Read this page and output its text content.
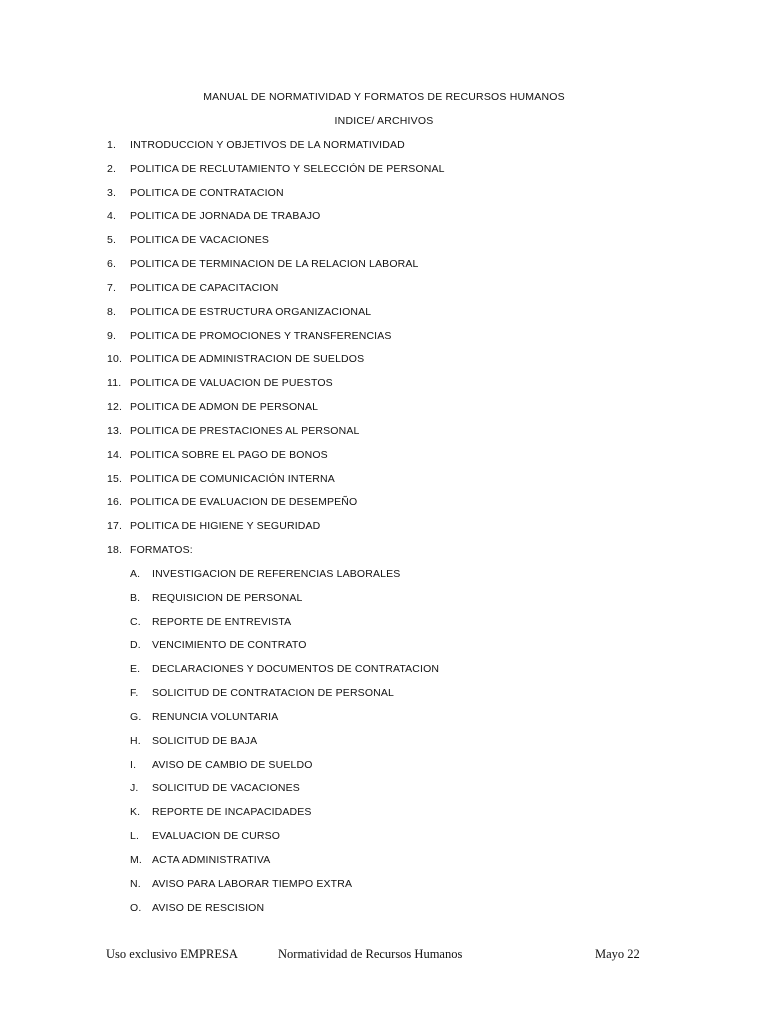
MANUAL DE NORMATIVIDAD Y FORMATOS DE RECURSOS HUMANOS
INDICE/ ARCHIVOS
1. INTRODUCCION Y OBJETIVOS DE LA NORMATIVIDAD
2. POLITICA DE RECLUTAMIENTO Y SELECCIÓN DE PERSONAL
3. POLITICA DE CONTRATACION
4. POLITICA DE JORNADA DE TRABAJO
5. POLITICA DE VACACIONES
6. POLITICA DE TERMINACION DE LA RELACION LABORAL
7. POLITICA DE CAPACITACION
8. POLITICA DE ESTRUCTURA ORGANIZACIONAL
9. POLITICA DE PROMOCIONES Y TRANSFERENCIAS
10. POLITICA DE ADMINISTRACION DE SUELDOS
11. POLITICA DE VALUACION DE PUESTOS
12. POLITICA DE ADMON DE PERSONAL
13. POLITICA DE PRESTACIONES AL PERSONAL
14. POLITICA SOBRE EL PAGO DE BONOS
15. POLITICA DE COMUNICACIÓN INTERNA
16. POLITICA DE EVALUACION DE DESEMPEÑO
17. POLITICA DE HIGIENE Y SEGURIDAD
18. FORMATOS:
A. INVESTIGACION DE REFERENCIAS LABORALES
B. REQUISICION DE PERSONAL
C. REPORTE DE ENTREVISTA
D. VENCIMIENTO DE CONTRATO
E. DECLARACIONES Y DOCUMENTOS DE CONTRATACION
F. SOLICITUD DE CONTRATACION DE PERSONAL
G. RENUNCIA VOLUNTARIA
H. SOLICITUD DE BAJA
I. AVISO DE CAMBIO DE SUELDO
J. SOLICITUD DE VACACIONES
K. REPORTE DE INCAPACIDADES
L. EVALUACION DE CURSO
M. ACTA ADMINISTRATIVA
N. AVISO PARA LABORAR TIEMPO EXTRA
O. AVISO DE RESCISION
Uso exclusivo EMPRESA	Normatividad de Recursos Humanos	Mayo 22
